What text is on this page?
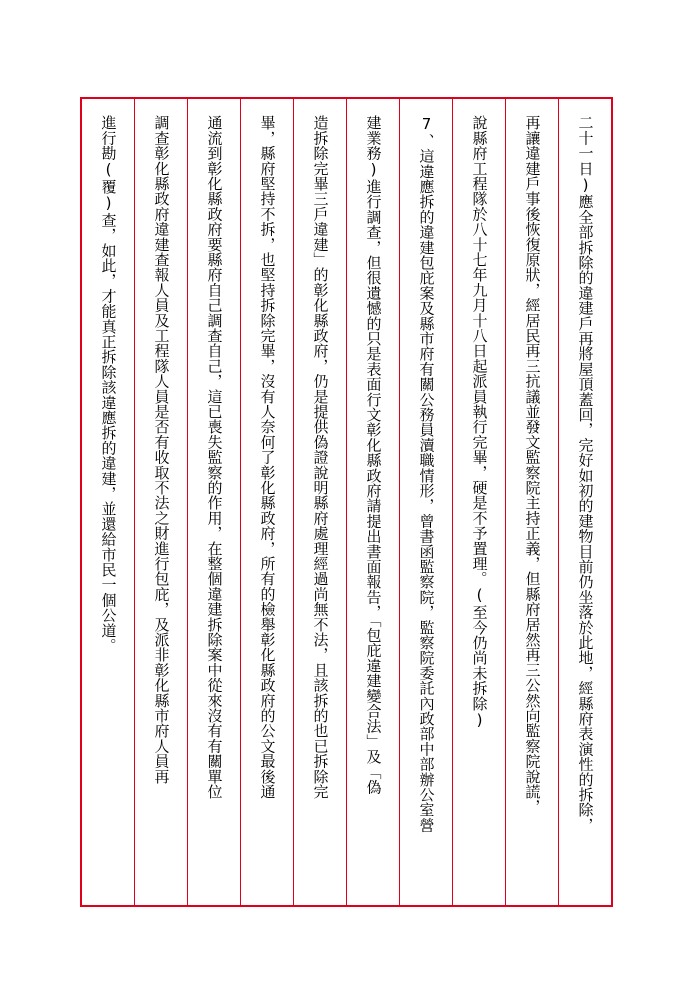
二十一日)應全部拆除的違建戶再將屋頂蓋回，完好如初的建物目前仍坐落於此地，經縣府表演性的拆除，
再讓違建戶事後恢復原狀，經居民再三抗議並發文監察院主持正義，但縣府居然再三公然向監察院說謊，
說縣府工程隊於八十七年九月十八日起派員執行完畢，硬是不予置理。(至今仍尚未拆除)
7、這違應拆的違建包庇案及縣市府有關公務員瀆職情形，曾書函監察院，監察院委託內政部中部辦公室營
建業務)進行調查，但很遺憾的只是表面行文彰化縣政府請提出書面報告，「包庇違建變合法」及「偽
造拆除完畢三戶違建」的彰化縣政府，仍是提供偽證說明縣府處理經過尚無不法，且該拆的也已拆除完
畢，縣府堅持不拆，也堅持拆除完畢，沒有人奈何了彰化縣政府，所有的檢舉彰化縣政府的公文最後通
通流到彰化縣政府要縣府自己調查自己，這已喪失監察的作用，在整個違建拆除案中從來沒有有關單位
調查彰化縣政府違建查報人員及工程隊人員是否有收取不法之財進行包庇，及派非彰化縣市府人員再
進行勘(覆)查，如此，才能真正拆除該違應拆的違建，並還給市民一個公道。
